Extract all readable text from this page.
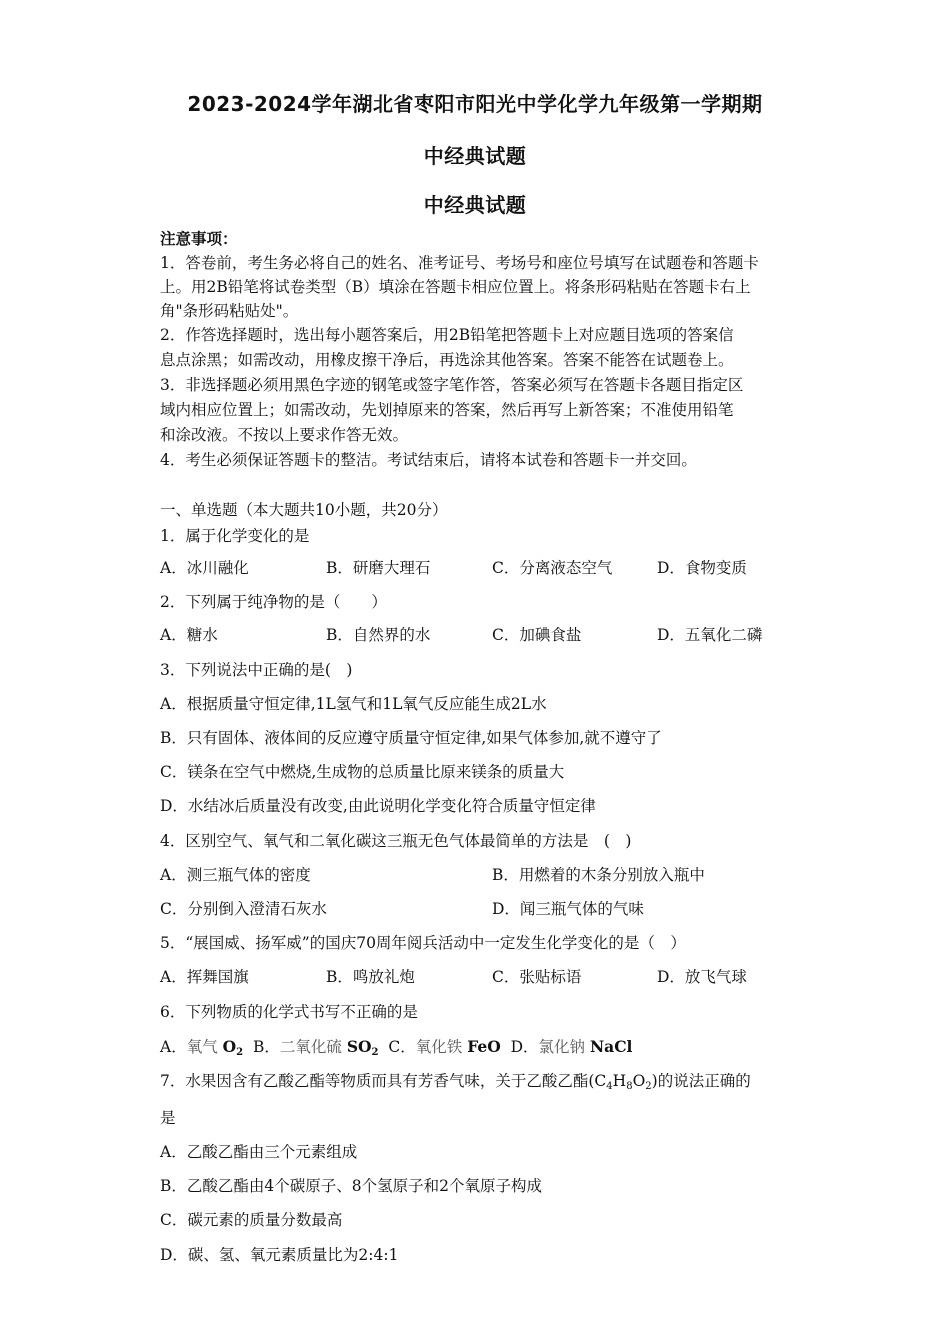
2023-2024学年湖北省枣阳市阳光中学化学九年级第一学期期
中经典试题
中经典试题
注意事项：
1．答卷前，考生务必将自己的姓名、准考证号、考场号和座位号填写在试题卷和答题卡
上。用2B铅笔将试卷类型（B）填涂在答题卡相应位置上。将条形码粘贴在答题卡右上
角"条形码粘贴处"。
2．作答选择题时，选出每小题答案后，用2B铅笔把答题卡上对应题目选项的答案信
息点涂黑；如需改动，用橡皮擦干净后，再选涂其他答案。答案不能答在试题卷上。
3．非选择题必须用黑色字迹的钢笔或签字笔作答，答案必须写在答题卡各题目指定区
域内相应位置上；如需改动，先划掉原来的答案，然后再写上新答案；不准使用铅笔
和涂改液。不按以上要求作答无效。
4．考生必须保证答题卡的整洁。考试结束后，请将本试卷和答题卡一并交回。
一、单选题（本大题共10小题，共20分）
1．属于化学变化的是
A．冰川融化	B．研磨大理石	C．分离液态空气	D．食物变质
2．下列属于纯净物的是（　　）
A．糖水	B．自然界的水	C．加碘食盐	D．五氧化二磷
3．下列说法中正确的是(　)
A．根据质量守恒定律,1L氢气和1L氧气反应能生成2L水
B．只有固体、液体间的反应遵守质量守恒定律,如果气体参加,就不遵守了
C．镁条在空气中燃烧,生成物的总质量比原来镁条的质量大
D．水结冰后质量没有改变,由此说明化学变化符合质量守恒定律
4．区别空气、氧气和二氧化碳这三瓶无色气体最简单的方法是　(　)
A．测三瓶气体的密度	B．用燃着的木条分别放入瓶中
C．分别倒入澄清石灰水	D．闻三瓶气体的气味
5．“展国威、扬军威”的国庆70周年阅兵活动中一定发生化学变化的是（　）
A．挥舞国旗	B．鸣放礼炮	C．张贴标语	D．放飞气球
6．下列物质的化学式书写不正确的是
A．氧气 $O_2$ B．二氧化硫 $SO_2$ C．氧化铁 FeO D．氯化钠 NaCl
7．水果因含有乙酸乙酯等物质而具有芳香气味，关于乙酸乙酯$(C_4H_8O_2)$的说法正确的
是
A．乙酸乙酯由三个元素组成
B．乙酸乙酯由4个碳原子、8个氢原子和2个氧原子构成
C．碳元素的质量分数最高
D．碳、氢、氧元素质量比为2:4:1
